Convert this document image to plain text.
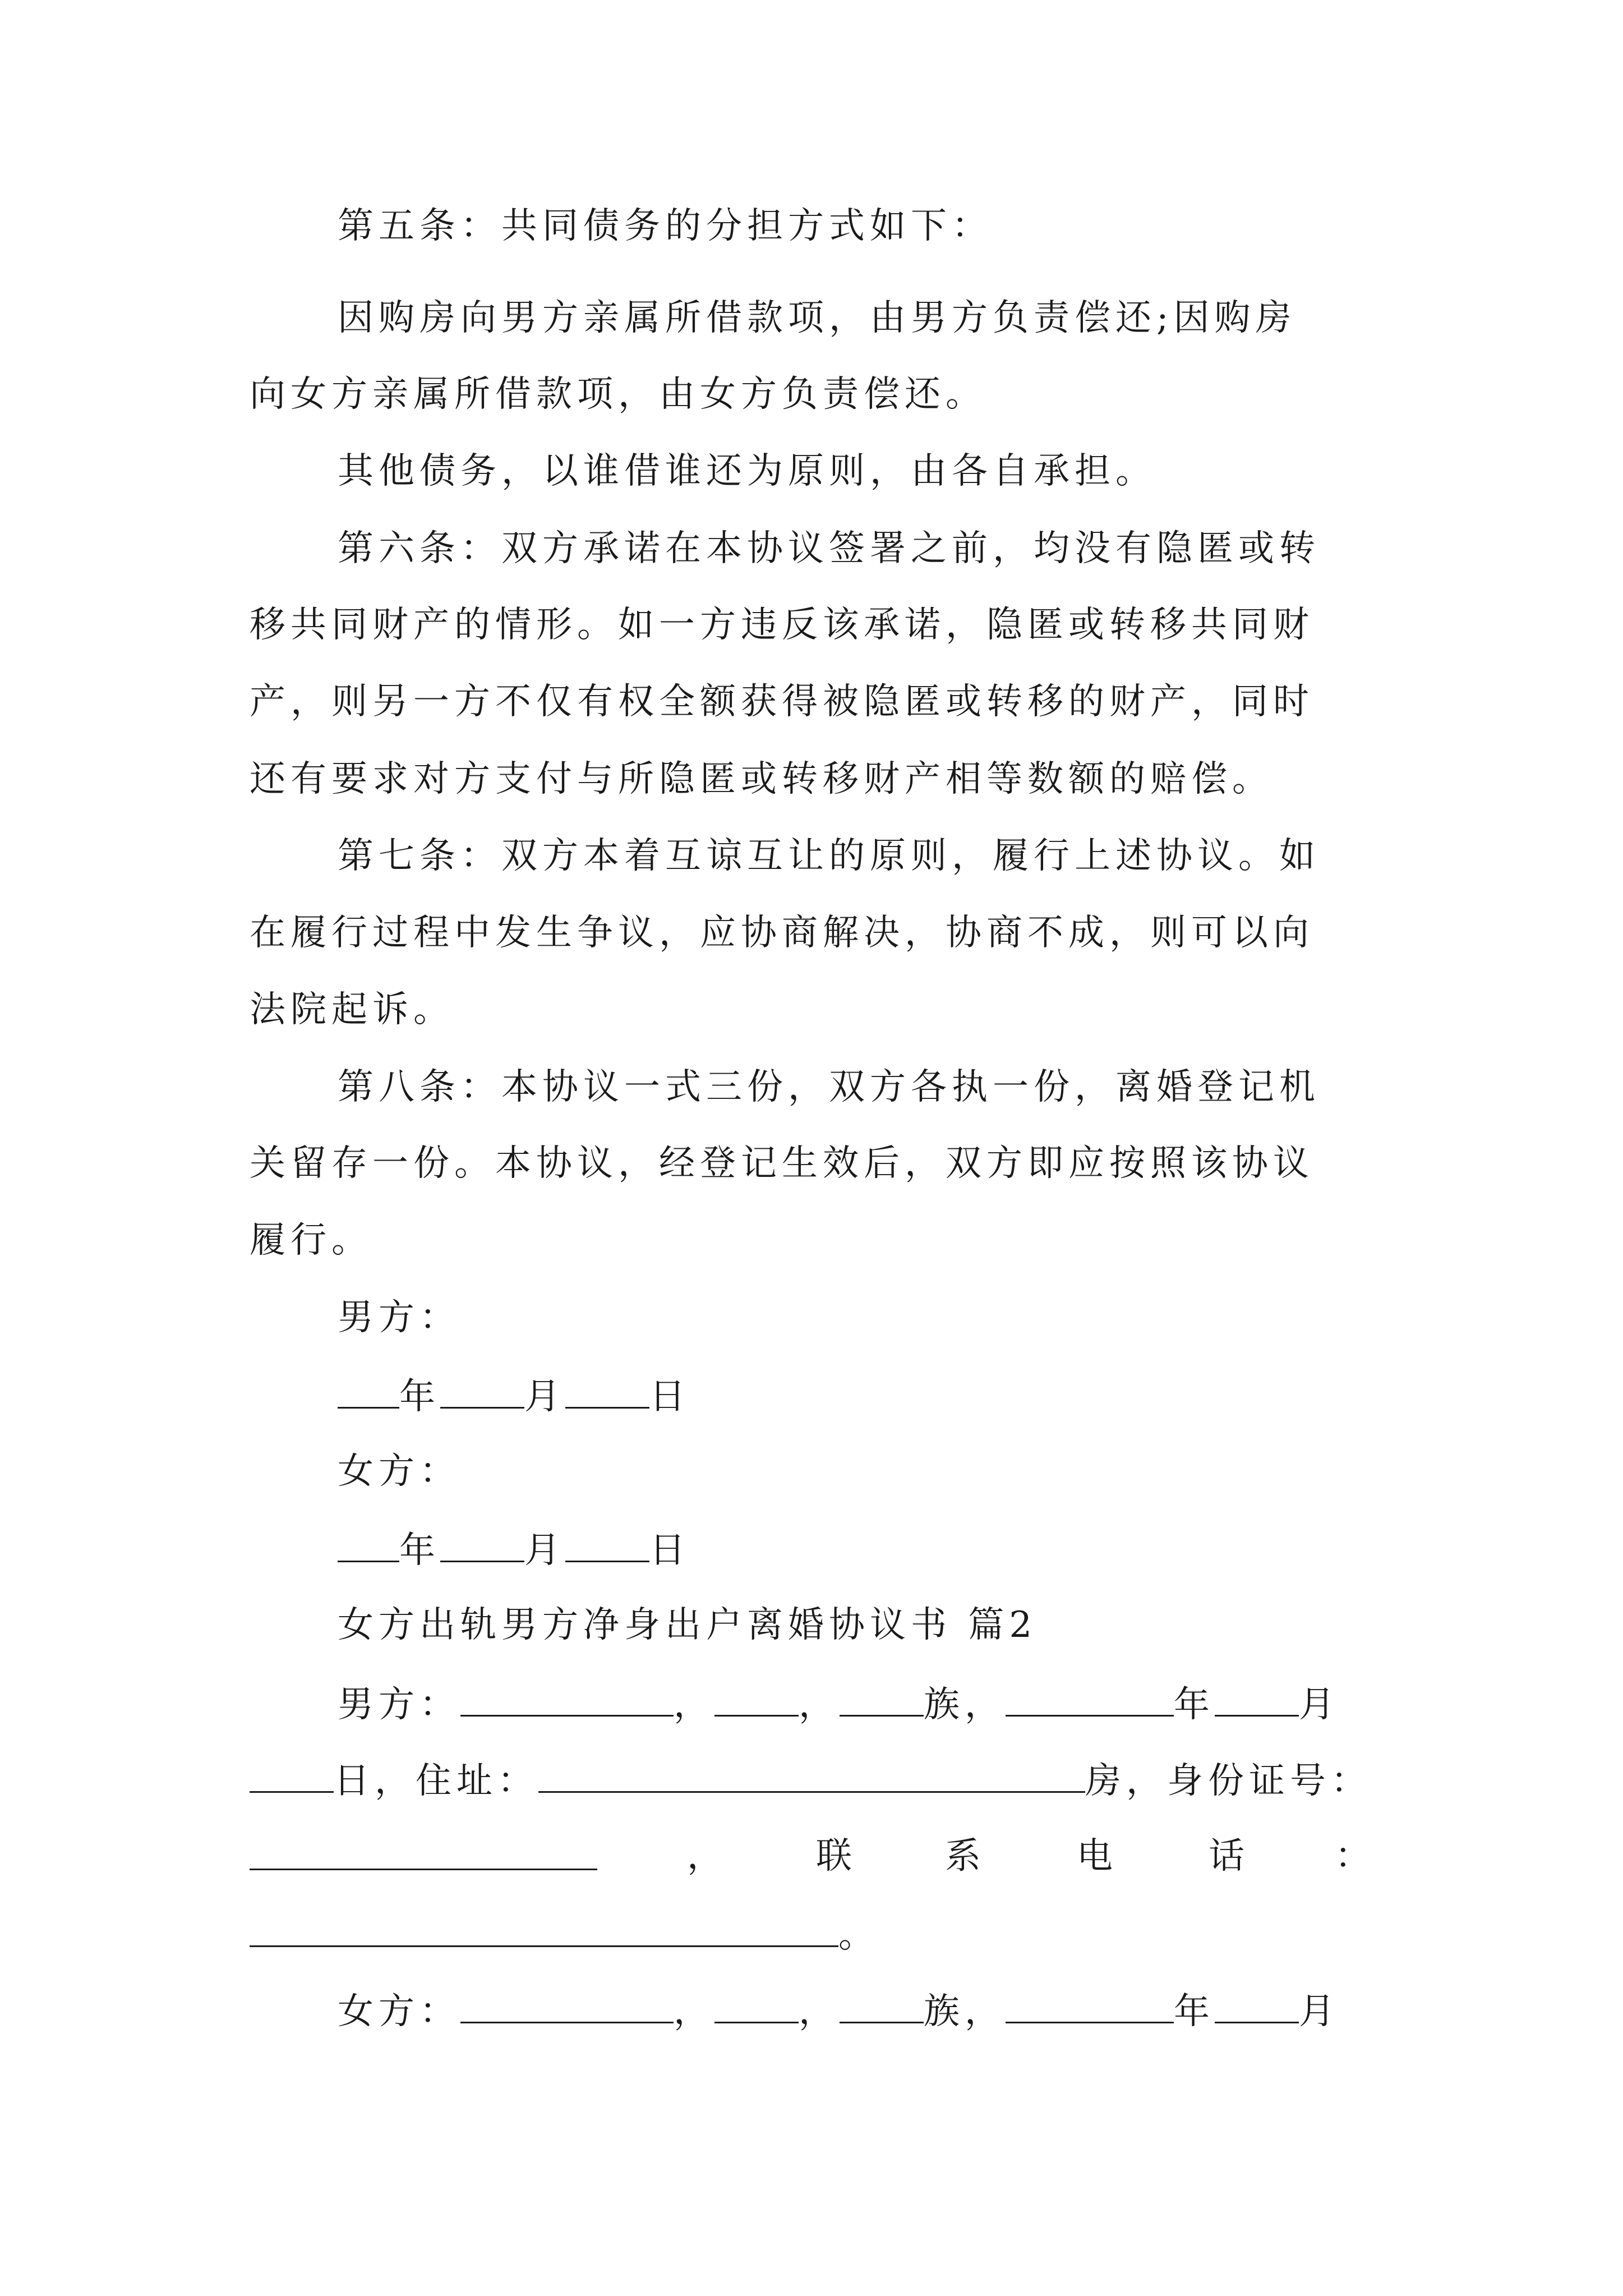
第五条：共同债务的分担方式如下：
因购房向男方亲属所借款项，由男方负责偿还;因购房
向女方亲属所借款项，由女方负责偿还。
其他债务，以谁借谁还为原则，由各自承担。
第六条：双方承诺在本协议签署之前，均没有隐匿或转
移共同财产的情形。如一方违反该承诺，隐匿或转移共同财
产，则另一方不仅有权全额获得被隐匿或转移的财产，同时
还有要求对方支付与所隐匿或转移财产相等数额的赔偿。
第七条：双方本着互谅互让的原则，履行上述协议。如
在履行过程中发生争议，应协商解决，协商不成，则可以向
法院起诉。
第八条：本协议一式三份，双方各执一份，离婚登记机
关留存一份。本协议，经登记生效后，双方即应按照该协议
履行。
男方：
年 月 日
女方：
年 月 日
女方出轨男方净身出户离婚协议书 篇2
男方：	， ， 族，	年 月
日，住址：	房，身份证号：
， 联 系	电	话 ：
。
女方：	， ， 族，	年 月
